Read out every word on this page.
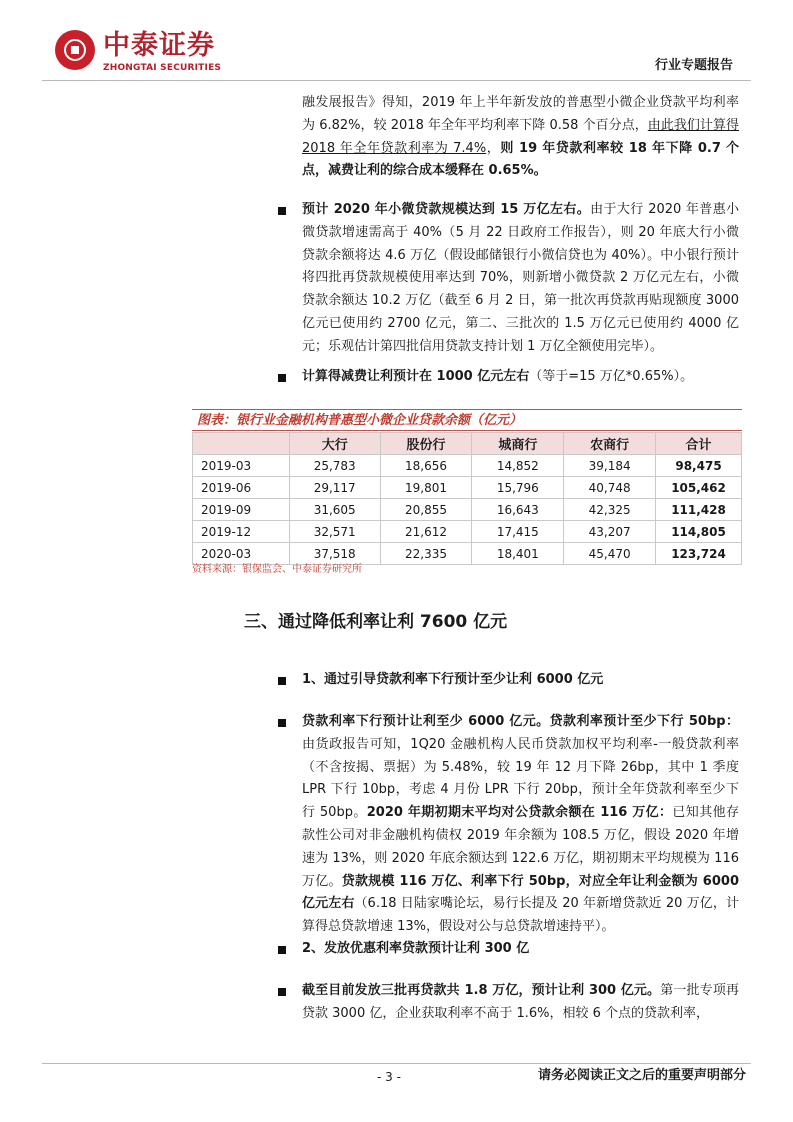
中泰证券
ZHONGTAI SECURITIES	行业专题报告
融发展报告》得知，2019 年上半年新发放的普惠型小微企业贷款平均利率为 6.82%，较 2018 年全年平均利率下降 0.58 个百分点，由此我们计算得 2018 年全年贷款利率为 7.4%，则 19 年贷款利率较 18 年下降 0.7 个点，减费让利的综合成本缓释在 0.65%。
预计 2020 年小微贷款规模达到 15 万亿左右。由于大行 2020 年普惠小微贷款增速需高于 40%（5 月 22 日政府工作报告），则 20 年底大行小微贷款余额将达 4.6 万亿（假设邮储银行小微信贷也为 40%）。中小银行预计将四批再贷款规模使用率达到 70%，则新增小微贷款 2 万亿元左右，小微贷款余额达 10.2 万亿（截至 6 月 2 日，第一批次再贷款再贴现额度 3000 亿元已使用约 2700 亿元，第二、三批次的 1.5 万亿元已使用约 4000 亿元；乐观估计第四批信用贷款支持计划 1 万亿全额使用完毕）。
计算得减费让利预计在 1000 亿元左右（等于=15 万亿*0.65%）。
图表：银行业金融机构普惠型小微企业贷款余额（亿元）
	大行	股份行	城商行	农商行	合计
2019-03	25,783	18,656	14,852	39,184	98,475
2019-06	29,117	19,801	15,796	40,748	105,462
2019-09	31,605	20,855	16,643	42,325	111,428
2019-12	32,571	21,612	17,415	43,207	114,805
2020-03	37,518	22,335	18,401	45,470	123,724
资料来源：银保监会、中泰证券研究所
三、通过降低利率让利 7600 亿元
1、通过引导贷款利率下行预计至少让利 6000 亿元
贷款利率下行预计让利至少 6000 亿元。贷款利率预计至少下行 50bp：由货政报告可知，1Q20 金融机构人民币贷款加权平均利率-一般贷款利率（不含按揭、票据）为 5.48%，较 19 年 12 月下降 26bp，其中 1 季度 LPR 下行 10bp，考虑 4 月份 LPR 下行 20bp，预计全年贷款利率至少下行 50bp。2020 年期初期末平均对公贷款余额在 116 万亿：已知其他存款性公司对非金融机构债权 2019 年余额为 108.5 万亿，假设 2020 年增速为 13%，则 2020 年底余额达到 122.6 万亿，期初期末平均规模为 116 万亿。贷款规模 116 万亿、利率下行 50bp，对应全年让利金额为 6000 亿元左右（6.18 日陆家嘴论坛，易行长提及 20 年新增贷款近 20 万亿，计算得总贷款增速 13%，假设对公与总贷款增速持平）。
2、发放优惠利率贷款预计让利 300 亿
截至目前发放三批再贷款共 1.8 万亿，预计让利 300 亿元。第一批专项再贷款 3000 亿，企业获取利率不高于 1.6%，相较 6 个点的贷款利率，
- 3 -	请务必阅读正文之后的重要声明部分
